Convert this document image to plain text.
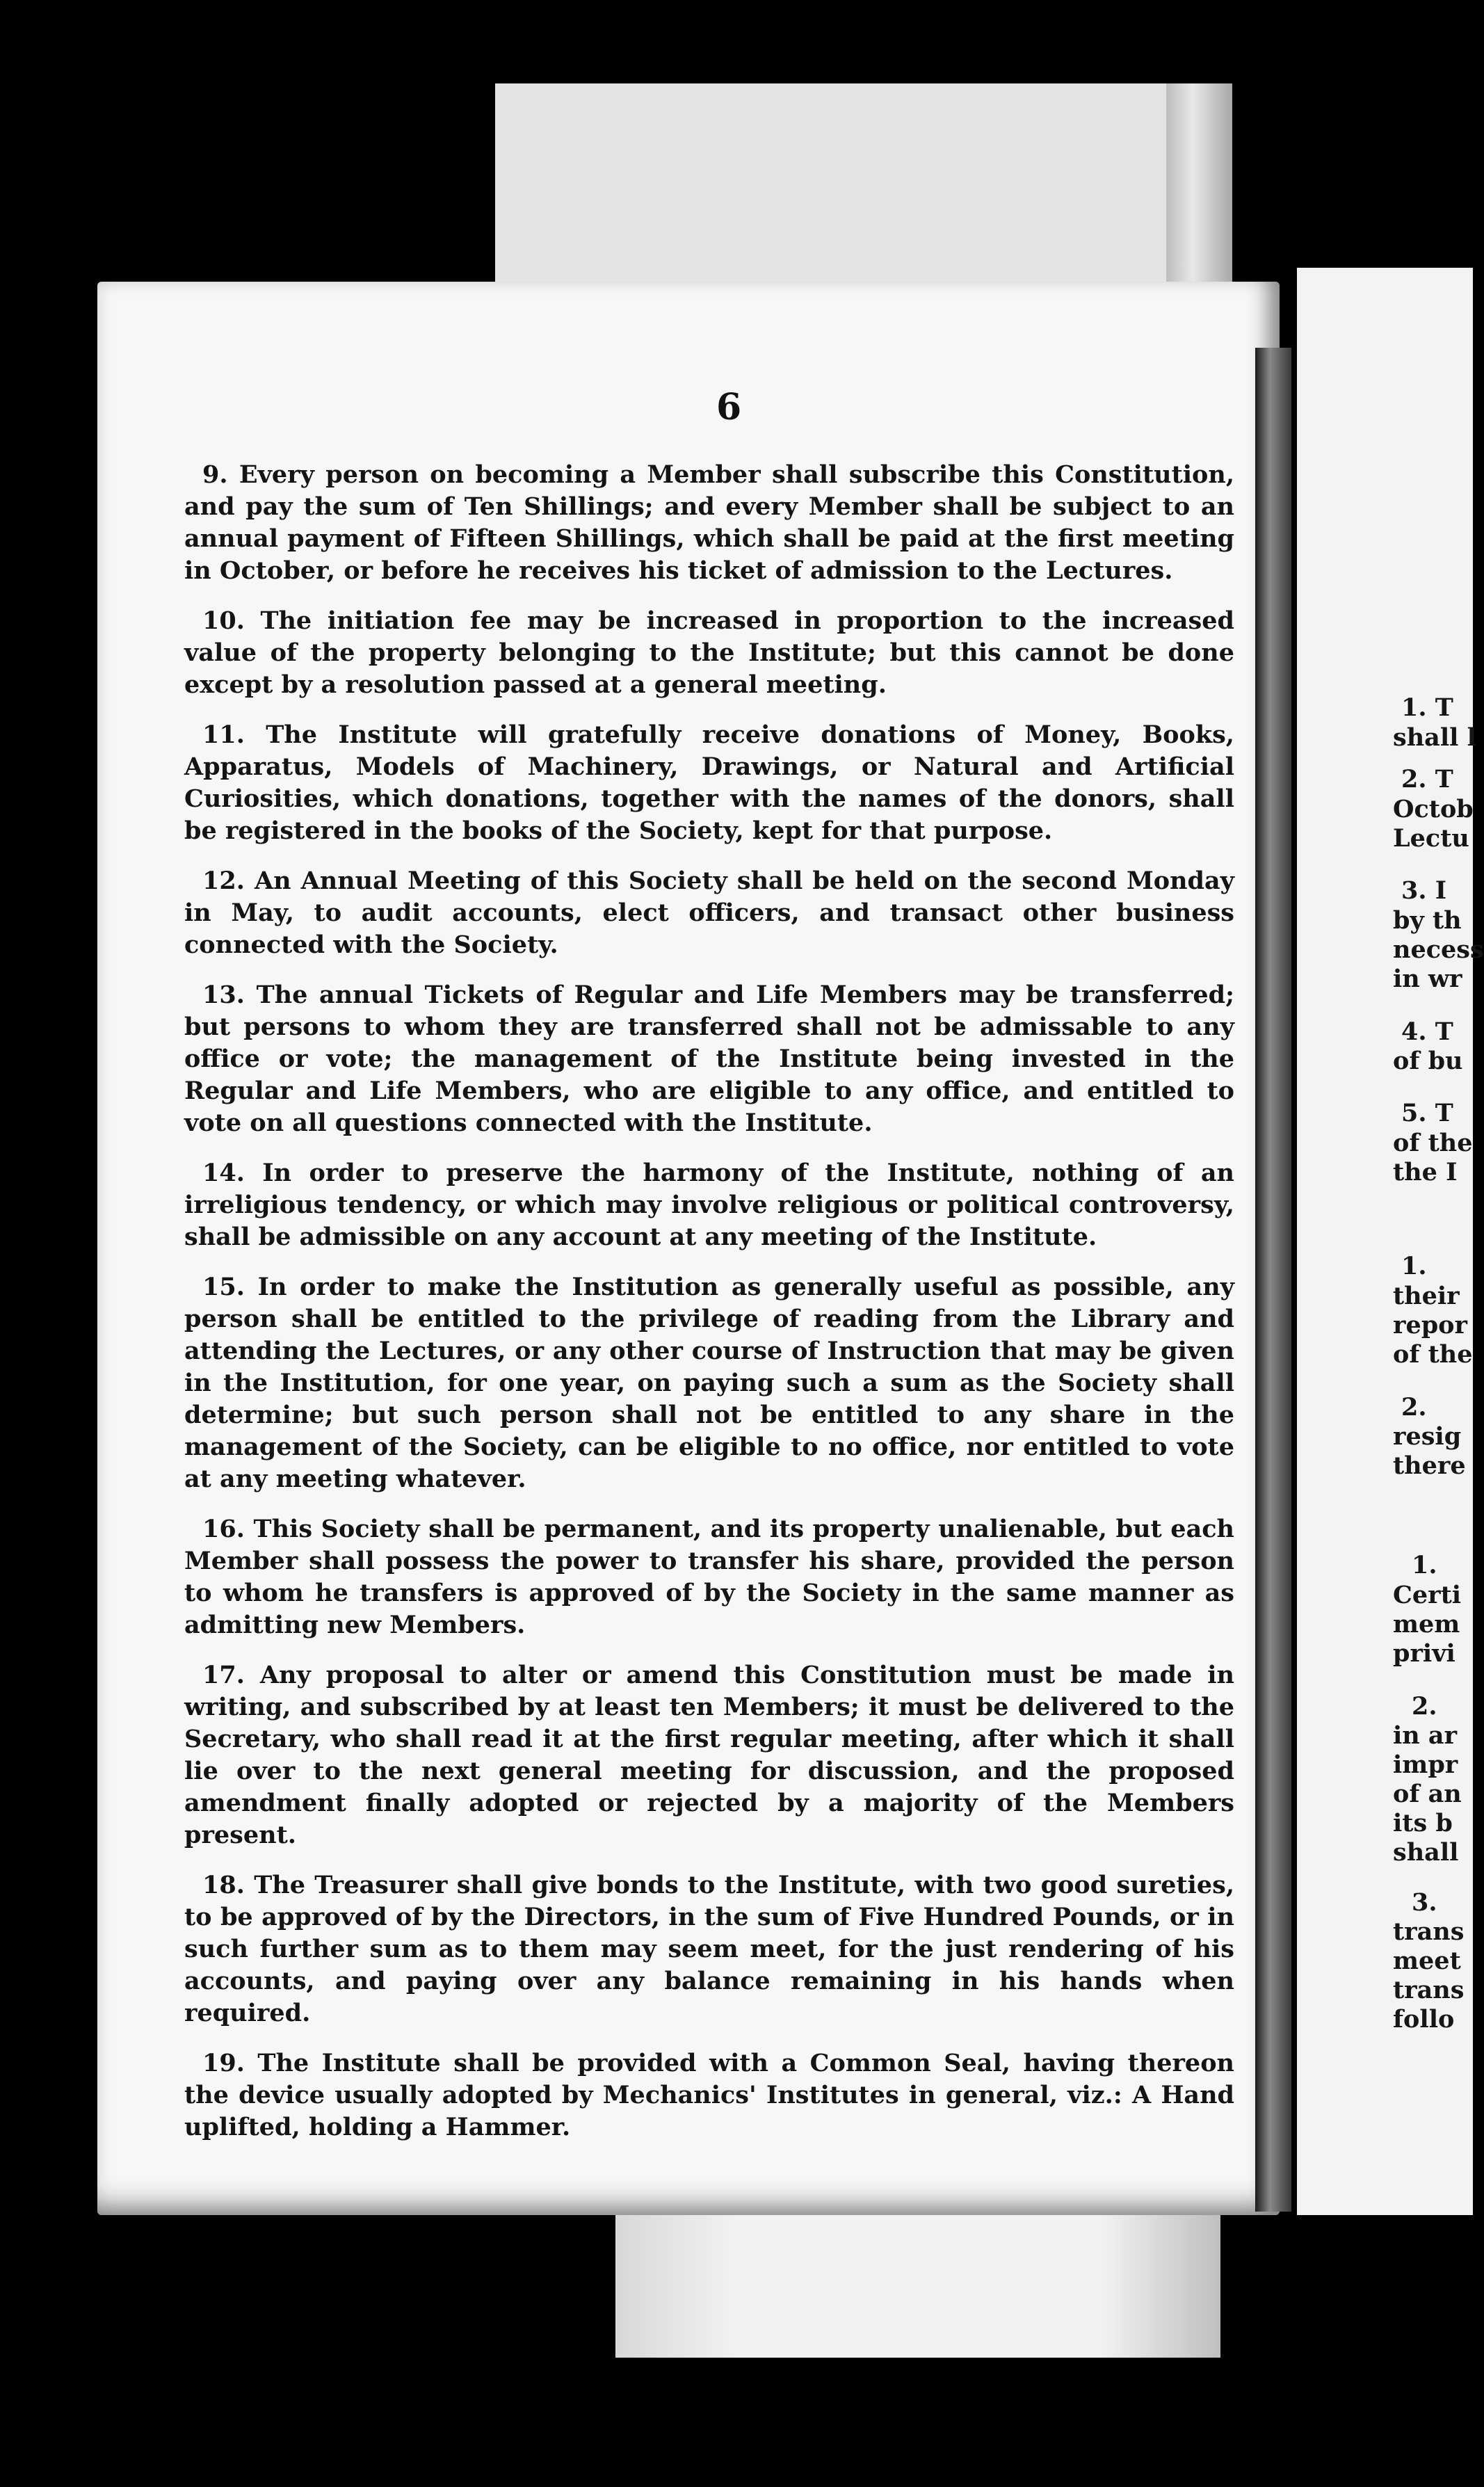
6

9. Every person on becoming a Member shall subscribe this Constitution, and pay the sum of Ten Shillings; and every Member shall be subject to an annual payment of Fifteen Shillings, which shall be paid at the first meeting in October, or before he receives his ticket of admission to the Lectures.

10. The initiation fee may be increased in proportion to the increased value of the property belonging to the Institute; but this cannot be done except by a resolution passed at a general meeting.

11. The Institute will gratefully receive donations of Money, Books, Apparatus, Models of Machinery, Drawings, or Natural and Artificial Curiosities, which donations, together with the names of the donors, shall be registered in the books of the Society, kept for that purpose.

12. An Annual Meeting of this Society shall be held on the second Monday in May, to audit accounts, elect officers, and transact other business connected with the Society.

13. The annual Tickets of Regular and Life Members may be transferred; but persons to whom they are transferred shall not be admissable to any office or vote; the management of the Institute being invested in the Regular and Life Members, who are eligible to any office, and entitled to vote on all questions connected with the Institute.

14. In order to preserve the harmony of the Institute, nothing of an irreligious tendency, or which may involve religious or political controversy, shall be admissible on any account at any meeting of the Institute.

15. In order to make the Institution as generally useful as possible, any person shall be entitled to the privilege of reading from the Library and attending the Lectures, or any other course of Instruction that may be given in the Institution, for one year, on paying such a sum as the Society shall determine; but such person shall not be entitled to any share in the management of the Society, can be eligible to no office, nor entitled to vote at any meeting whatever.

16. This Society shall be permanent, and its property unalienable, but each Member shall possess the power to transfer his share, provided the person to whom he transfers is approved of by the Society in the same manner as admitting new Members.

17. Any proposal to alter or amend this Constitution must be made in writing, and subscribed by at least ten Members; it must be delivered to the Secretary, who shall read it at the first regular meeting, after which it shall lie over to the next general meeting for discussion, and the proposed amendment finally adopted or rejected by a majority of the Members present.

18. The Treasurer shall give bonds to the Institute, with two good sureties, to be approved of by the Directors, in the sum of Five Hundred Pounds, or in such further sum as to them may seem meet, for the just rendering of his accounts, and paying over any balance remaining in his hands when required.

19. The Institute shall be provided with a Common Seal, having thereon the device usually adopted by Mechanics' Institutes in general, viz.: A Hand uplifted, holding a Hammer.

1. T
shall l
2. T
Octob
Lectu
3. I
by th
necess
in wr
4. T
of bu
5. T
of the
the I
1.
their
repor
of the
2.
resig
there
1.
Certi
mem
privi
2.
in ar
impr
of an
its b
shall
3.
trans
meet
trans
follo
